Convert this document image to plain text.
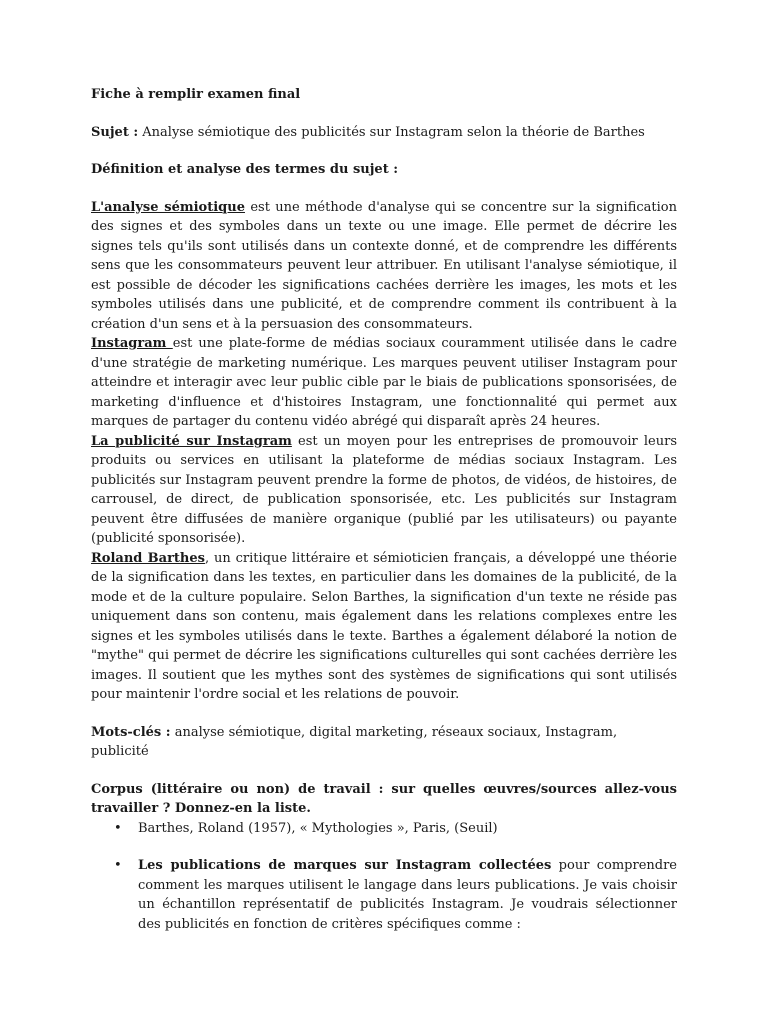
Fiche à remplir examen final

Sujet : Analyse sémiotique des publicités sur Instagram selon la théorie de Barthes

Définition et analyse des termes du sujet :

L'analyse sémiotique est une méthode d'analyse qui se concentre sur la signification des signes et des symboles dans un texte ou une image. Elle permet de décrire les signes tels qu'ils sont utilisés dans un contexte donné, et de comprendre les différents sens que les consommateurs peuvent leur attribuer. En utilisant l'analyse sémiotique, il est possible de décoder les significations cachées derrière les images, les mots et les symboles utilisés dans une publicité, et de comprendre comment ils contribuent à la création d'un sens et à la persuasion des consommateurs.

Instagram est une plate-forme de médias sociaux couramment utilisée dans le cadre d'une stratégie de marketing numérique. Les marques peuvent utiliser Instagram pour atteindre et interagir avec leur public cible par le biais de publications sponsorisées, de marketing d'influence et d'histoires Instagram, une fonctionnalité qui permet aux marques de partager du contenu vidéo abrégé qui disparaît après 24 heures.

La publicité sur Instagram est un moyen pour les entreprises de promouvoir leurs produits ou services en utilisant la plateforme de médias sociaux Instagram. Les publicités sur Instagram peuvent prendre la forme de photos, de vidéos, de histoires, de carrousel, de direct, de publication sponsorisée, etc. Les publicités sur Instagram peuvent être diffusées de manière organique (publié par les utilisateurs) ou payante (publicité sponsorisée).

Roland Barthes, un critique littéraire et sémioticien français, a développé une théorie de la signification dans les textes, en particulier dans les domaines de la publicité, de la mode et de la culture populaire. Selon Barthes, la signification d'un texte ne réside pas uniquement dans son contenu, mais également dans les relations complexes entre les signes et les symboles utilisés dans le texte. Barthes a également délaboré la notion de "mythe" qui permet de décrire les significations culturelles qui sont cachées derrière les images. Il soutient que les mythes sont des systèmes de significations qui sont utilisés pour maintenir l'ordre social et les relations de pouvoir.

Mots-clés : analyse sémiotique, digital marketing, réseaux sociaux, Instagram, publicité

Corpus (littéraire ou non) de travail : sur quelles œuvres/sources allez-vous travailler ? Donnez-en la liste.

• Barthes, Roland (1957), « Mythologies », Paris, (Seuil)
• Les publications de marques sur Instagram collectées pour comprendre comment les marques utilisent le langage dans leurs publications. Je vais choisir un échantillon représentatif de publicités Instagram. Je voudrais sélectionner des publicités en fonction de critères spécifiques comme :
